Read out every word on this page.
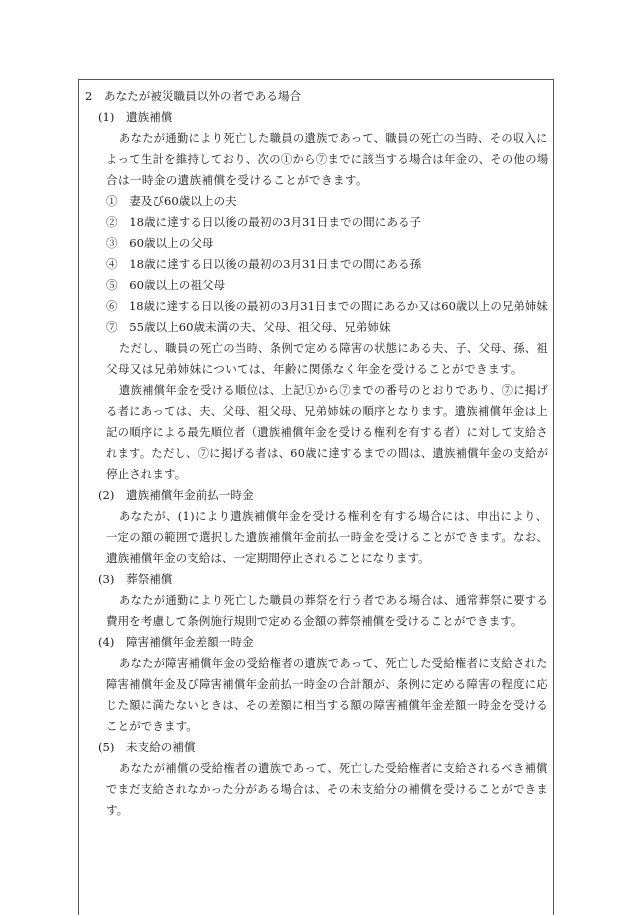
2　あなたが被災職員以外の者である場合
(1)　遺族補償
あなたが通勤により死亡した職員の遺族であって、職員の死亡の当時、その収入に
よって生計を維持しており、次の①から⑦までに該当する場合は年金の、その他の場
合は一時金の遺族補償を受けることができます。
①　妻及び60歳以上の夫
②　18歳に達する日以後の最初の3月31日までの間にある子
③　60歳以上の父母
④　18歳に達する日以後の最初の3月31日までの間にある孫
⑤　60歳以上の祖父母
⑥　18歳に達する日以後の最初の3月31日までの間にあるか又は60歳以上の兄弟姉妹
⑦　55歳以上60歳未満の夫、父母、祖父母、兄弟姉妹
ただし、職員の死亡の当時、条例で定める障害の状態にある夫、子、父母、孫、祖
父母又は兄弟姉妹については、年齢に関係なく年金を受けることができます。
遺族補償年金を受ける順位は、上記①から⑦までの番号のとおりであり、⑦に掲げ
る者にあっては、夫、父母、祖父母、兄弟姉妹の順序となります。遺族補償年金は上
記の順序による最先順位者（遺族補償年金を受ける権利を有する者）に対して支給さ
れます。ただし、⑦に掲げる者は、60歳に達するまでの間は、遺族補償年金の支給が
停止されます。
(2)　遺族補償年金前払一時金
あなたが、(1)により遺族補償年金を受ける権利を有する場合には、申出により、
一定の額の範囲で選択した遺族補償年金前払一時金を受けることができます。なお、
遺族補償年金の支給は、一定期間停止されることになります。
(3)　葬祭補償
あなたが通勤により死亡した職員の葬祭を行う者である場合は、通常葬祭に要する
費用を考慮して条例施行規則で定める金額の葬祭補償を受けることができます。
(4)　障害補償年金差額一時金
あなたが障害補償年金の受給権者の遺族であって、死亡した受給権者に支給された
障害補償年金及び障害補償年金前払一時金の合計額が、条例に定める障害の程度に応
じた額に満たないときは、その差額に相当する額の障害補償年金差額一時金を受ける
ことができます。
(5)　未支給の補償
あなたが補償の受給権者の遺族であって、死亡した受給権者に支給されるべき補償
でまだ支給されなかった分がある場合は、その未支給分の補償を受けることができま
す。
